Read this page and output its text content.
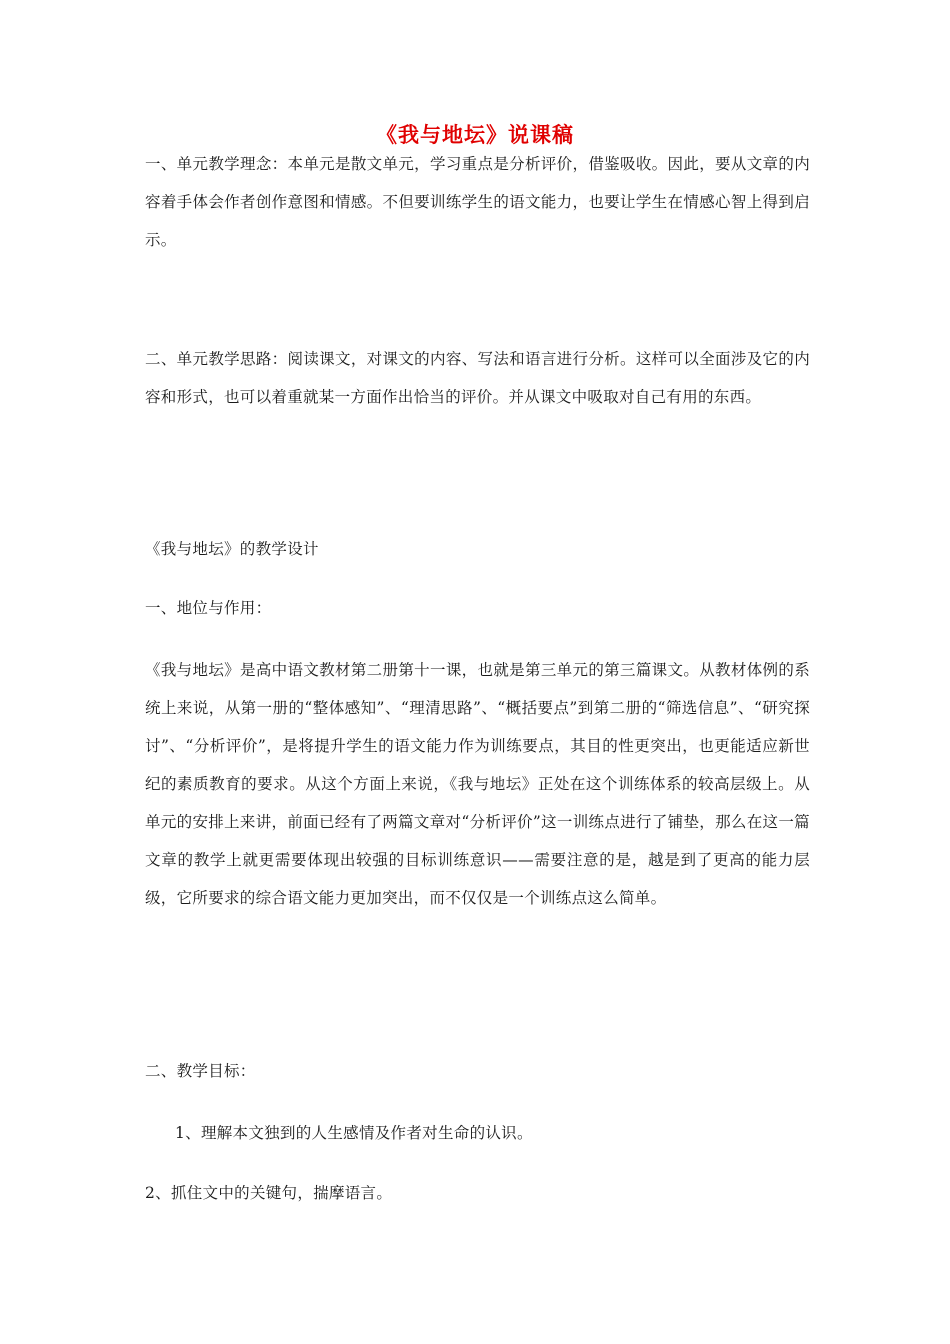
《我与地坛》说课稿
一、单元教学理念：本单元是散文单元，学习重点是分析评价，借鉴吸收。因此，要从文章的内容着手体会作者创作意图和情感。不但要训练学生的语文能力，也要让学生在情感心智上得到启示。
二、单元教学思路：阅读课文，对课文的内容、写法和语言进行分析。这样可以全面涉及它的内容和形式，也可以着重就某一方面作出恰当的评价。并从课文中吸取对自己有用的东西。
《我与地坛》的教学设计
一、地位与作用：
《我与地坛》是高中语文教材第二册第十一课，也就是第三单元的第三篇课文。从教材体例的系统上来说，从第一册的“整体感知”、“理清思路”、“概括要点”到第二册的“筛选信息”、“研究探讨”、“分析评价”，是将提升学生的语文能力作为训练要点，其目的性更突出，也更能适应新世纪的素质教育的要求。从这个方面上来说，《我与地坛》正处在这个训练体系的较高层级上。从单元的安排上来讲，前面已经有了两篇文章对“分析评价”这一训练点进行了铺垫，那么在这一篇文章的教学上就更需要体现出较强的目标训练意识——需要注意的是，越是到了更高的能力层级，它所要求的综合语文能力更加突出，而不仅仅是一个训练点这么简单。
二、教学目标：
1、理解本文独到的人生感情及作者对生命的认识。
2、抓住文中的关键句，揣摩语言。
